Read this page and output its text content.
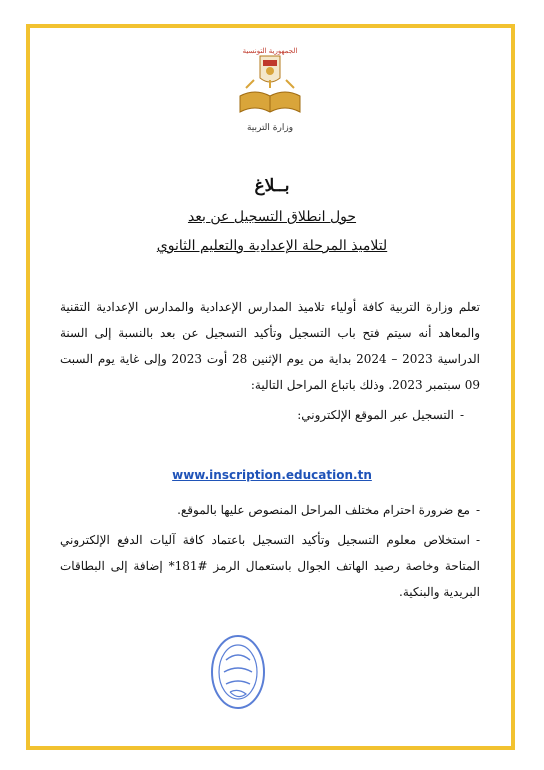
الجمهورية التونسية
وزارة التربية
بــلاغ
حول انطلاق التسجيل عن بعد
لتلاميذ المرحلة الإعدادية والتعليم الثانوي
تعلم وزارة التربية كافة أولياء تلاميذ المدارس الإعدادية والمدارس الإعدادية التقنية والمعاهد أنه سيتم فتح باب التسجيل وتأكيد التسجيل عن بعد بالنسبة إلى السنة الدراسية 2023 – 2024 بداية من يوم الإثنين 28 أوت 2023 وإلى غاية يوم السبت 09 سبتمبر 2023. وذلك باتباع المراحل التالية:
-التسجيل عبر الموقع الإلكتروني:
www.inscription.education.tn
-مع ضرورة احترام مختلف المراحل المنصوص عليها بالموقع.
-استخلاص معلوم التسجيل وتأكيد التسجيل باعتماد كافة آليات الدفع الإلكتروني المتاحة وخاصة رصيد الهاتف الجوال باستعمال الرمز #181* إضافة إلى البطاقات البريدية والبنكية.
